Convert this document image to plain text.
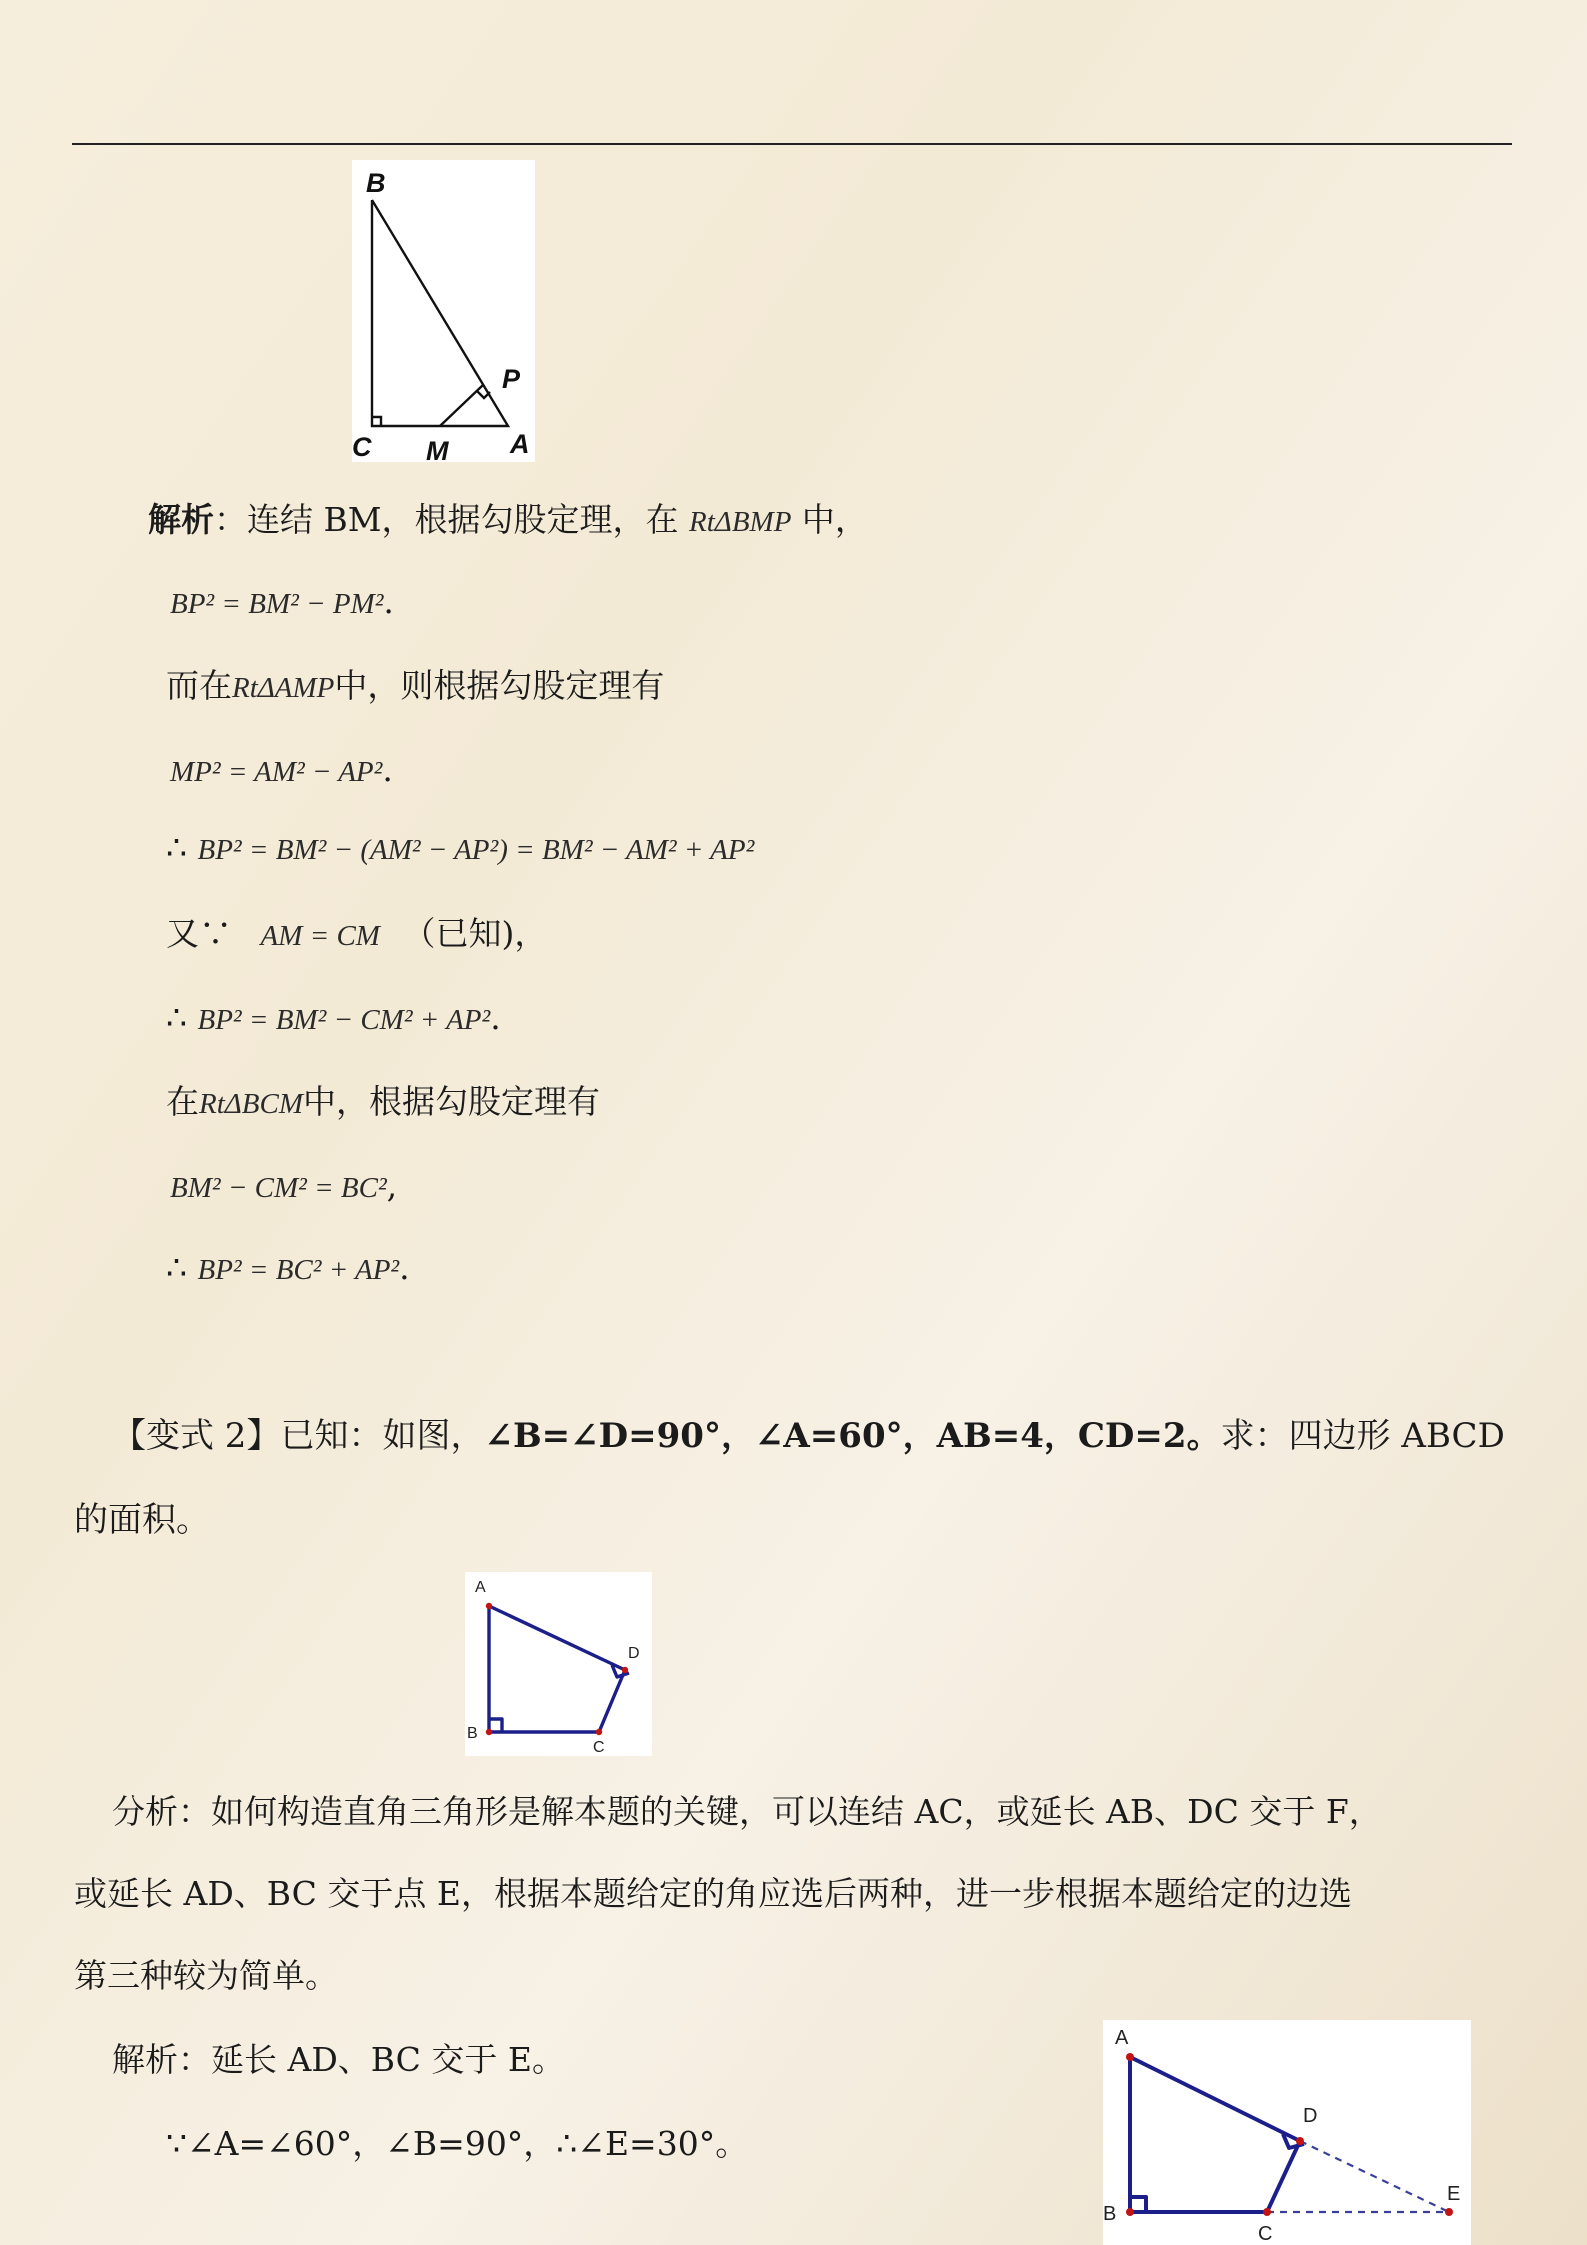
B
P
C M A
解析：连结 BM，根据勾股定理，在 RtΔBMP 中，
BP² = BM² − PM².
而在RtΔAMP中，则根据勾股定理有
MP² = AM² − AP².
∴ BP² = BM² − (AM² − AP²) = BM² − AM² + AP²
又∵ AM = CM （已知)，
∴ BP² = BM² − CM² + AP².
在RtΔBCM中，根据勾股定理有
BM² − CM² = BC²,
∴ BP² = BC² + AP².
【变式 2】已知：如图，∠B=∠D=90°，∠A=60°，AB=4，CD=2。求：四边形 ABCD
的面积。
A
D
B
C
分析：如何构造直角三角形是解本题的关键，可以连结 AC，或延长 AB、DC 交于 F，
或延长 AD、BC 交于点 E，根据本题给定的角应选后两种，进一步根据本题给定的边选
第三种较为简单。
解析：延长 AD、BC 交于 E。
∵∠A=∠60°，∠B=90°，∴∠E=30°。
A
D
B
C
E
